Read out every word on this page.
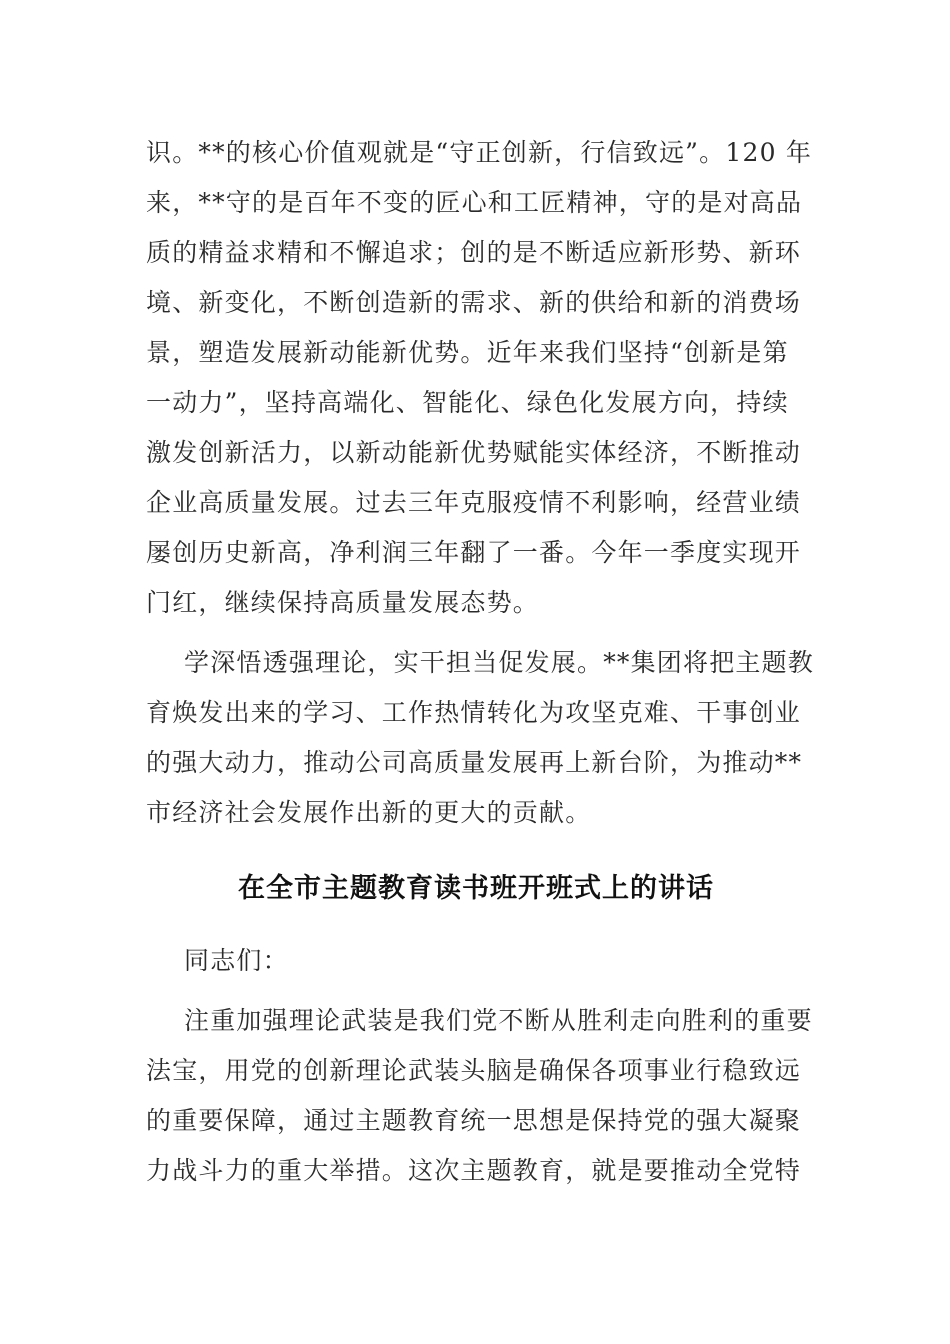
识。**的核心价值观就是“守正创新，行信致远”。120 年
来，**守的是百年不变的匠心和工匠精神，守的是对高品
质的精益求精和不懈追求；创的是不断适应新形势、新环
境、新变化，不断创造新的需求、新的供给和新的消费场
景，塑造发展新动能新优势。近年来我们坚持“创新是第
一动力”，坚持高端化、智能化、绿色化发展方向，持续
激发创新活力，以新动能新优势赋能实体经济，不断推动
企业高质量发展。过去三年克服疫情不利影响，经营业绩
屡创历史新高，净利润三年翻了一番。今年一季度实现开
门红，继续保持高质量发展态势。
学深悟透强理论，实干担当促发展。**集团将把主题教
育焕发出来的学习、工作热情转化为攻坚克难、干事创业
的强大动力，推动公司高质量发展再上新台阶，为推动**
市经济社会发展作出新的更大的贡献。
在全市主题教育读书班开班式上的讲话
同志们：
注重加强理论武装是我们党不断从胜利走向胜利的重要
法宝，用党的创新理论武装头脑是确保各项事业行稳致远
的重要保障，通过主题教育统一思想是保持党的强大凝聚
力战斗力的重大举措。这次主题教育，就是要推动全党特
